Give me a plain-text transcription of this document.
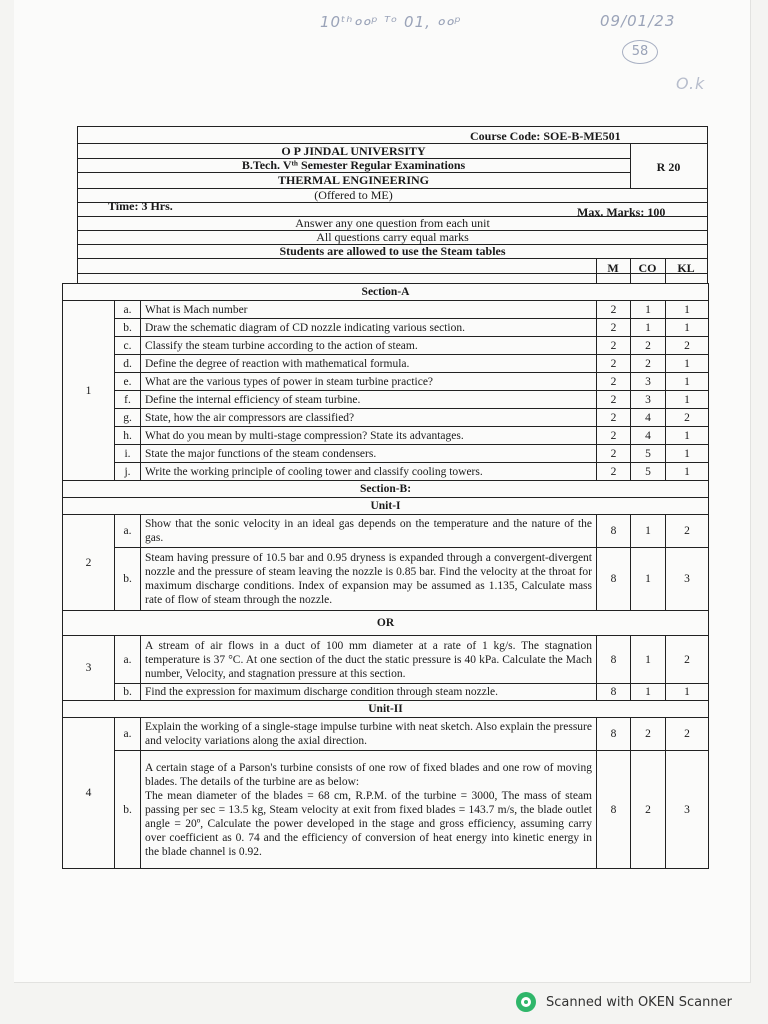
10ᵗʰ००ᵖ ᵀᵒ 01, ००ᵖ	09/01/23
58
O.k
Course Code: SOE-B-ME501
O P JINDAL UNIVERSITY
B.Tech. Vᵗʰ Semester Regular Examinations	R 20
THERMAL ENGINEERING
(Offered to ME)
Time: 3 Hrs.	Max. Marks: 100
Answer any one question from each unit
All questions carry equal marks
Students are allowed to use the Steam tables
M	CO	KL
Section-A					
1	a.	What is Mach number	2	1	1
	b.	Draw the schematic diagram of CD nozzle indicating various section.	2	1	1
	c.	Classify the steam turbine according to the action of steam.	2	2	2
	d.	Define the degree of reaction with mathematical formula.	2	2	1
	e.	What are the various types of power in steam turbine practice?	2	3	1
	f.	Define the internal efficiency of steam turbine.	2	3	1
	g.	State, how the air compressors are classified?	2	4	2
	h.	What do you mean by multi-stage compression? State its advantages.	2	4	1
	i.	State the major functions of the steam condensers.	2	5	1
	j.	Write the working principle of cooling tower and classify cooling towers.	2	5	1
Section-B:					
Unit-I					
2	a.	Show that the sonic velocity in an ideal gas depends on the temperature and the nature of the gas.	8	1	2
	b.	Steam having pressure of 10.5 bar and 0.95 dryness is expanded through a convergent-divergent nozzle and the pressure of steam leaving the nozzle is 0.85 bar. Find the velocity at the throat for maximum discharge conditions. Index of expansion may be assumed as 1.135, Calculate mass rate of flow of steam through the nozzle.	8	1	3
OR					
3	a.	A stream of air flows in a duct of 100 mm diameter at a rate of 1 kg/s. The stagnation temperature is 37 °C. At one section of the duct the static pressure is 40 kPa. Calculate the Mach number, Velocity, and stagnation pressure at this section.	8	1	2
	b.	Find the expression for maximum discharge condition through steam nozzle.	8	1	1
Unit-II					
4	a.	Explain the working of a single-stage impulse turbine with neat sketch. Also explain the pressure and velocity variations along the axial direction.	8	2	2
	b.	A certain stage of a Parson's turbine consists of one row of fixed blades and one row of moving blades. The details of the turbine are as below:
The mean diameter of the blades = 68 cm, R.P.M. of the turbine = 3000, The mass of steam passing per sec = 13.5 kg, Steam velocity at exit from fixed blades = 143.7 m/s, the blade outlet angle = 20º, Calculate the power developed in the stage and gross efficiency, assuming carry over coefficient as 0. 74 and the efficiency of conversion of heat energy into kinetic energy in the blade channel is 0.92.	8	2	3
Scanned with OKEN Scanner
